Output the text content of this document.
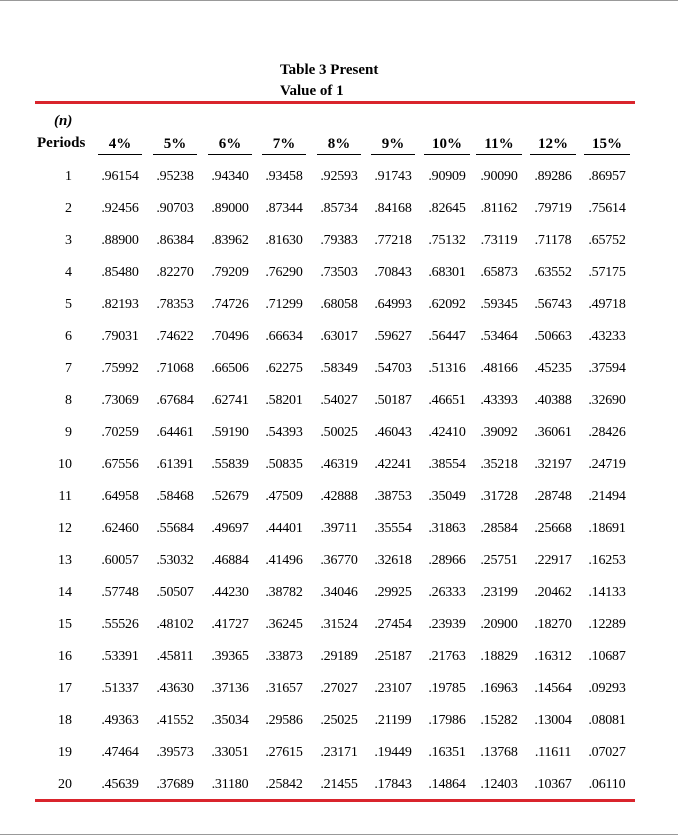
Table 3 Present
Value of 1
(n)
Periods	4%	5%	6%	7%	8%	9%	10%	11%	12%	15%
1	.96154	.95238	.94340	.93458	.92593	.91743	.90909	.90090	.89286	.86957
2	.92456	.90703	.89000	.87344	.85734	.84168	.82645	.81162	.79719	.75614
3	.88900	.86384	.83962	.81630	.79383	.77218	.75132	.73119	.71178	.65752
4	.85480	.82270	.79209	.76290	.73503	.70843	.68301	.65873	.63552	.57175
5	.82193	.78353	.74726	.71299	.68058	.64993	.62092	.59345	.56743	.49718
6	.79031	.74622	.70496	.66634	.63017	.59627	.56447	.53464	.50663	.43233
7	.75992	.71068	.66506	.62275	.58349	.54703	.51316	.48166	.45235	.37594
8	.73069	.67684	.62741	.58201	.54027	.50187	.46651	.43393	.40388	.32690
9	.70259	.64461	.59190	.54393	.50025	.46043	.42410	.39092	.36061	.28426
10	.67556	.61391	.55839	.50835	.46319	.42241	.38554	.35218	.32197	.24719
11	.64958	.58468	.52679	.47509	.42888	.38753	.35049	.31728	.28748	.21494
12	.62460	.55684	.49697	.44401	.39711	.35554	.31863	.28584	.25668	.18691
13	.60057	.53032	.46884	.41496	.36770	.32618	.28966	.25751	.22917	.16253
14	.57748	.50507	.44230	.38782	.34046	.29925	.26333	.23199	.20462	.14133
15	.55526	.48102	.41727	.36245	.31524	.27454	.23939	.20900	.18270	.12289
16	.53391	.45811	.39365	.33873	.29189	.25187	.21763	.18829	.16312	.10687
17	.51337	.43630	.37136	.31657	.27027	.23107	.19785	.16963	.14564	.09293
18	.49363	.41552	.35034	.29586	.25025	.21199	.17986	.15282	.13004	.08081
19	.47464	.39573	.33051	.27615	.23171	.19449	.16351	.13768	.11611	.07027
20	.45639	.37689	.31180	.25842	.21455	.17843	.14864	.12403	.10367	.06110
